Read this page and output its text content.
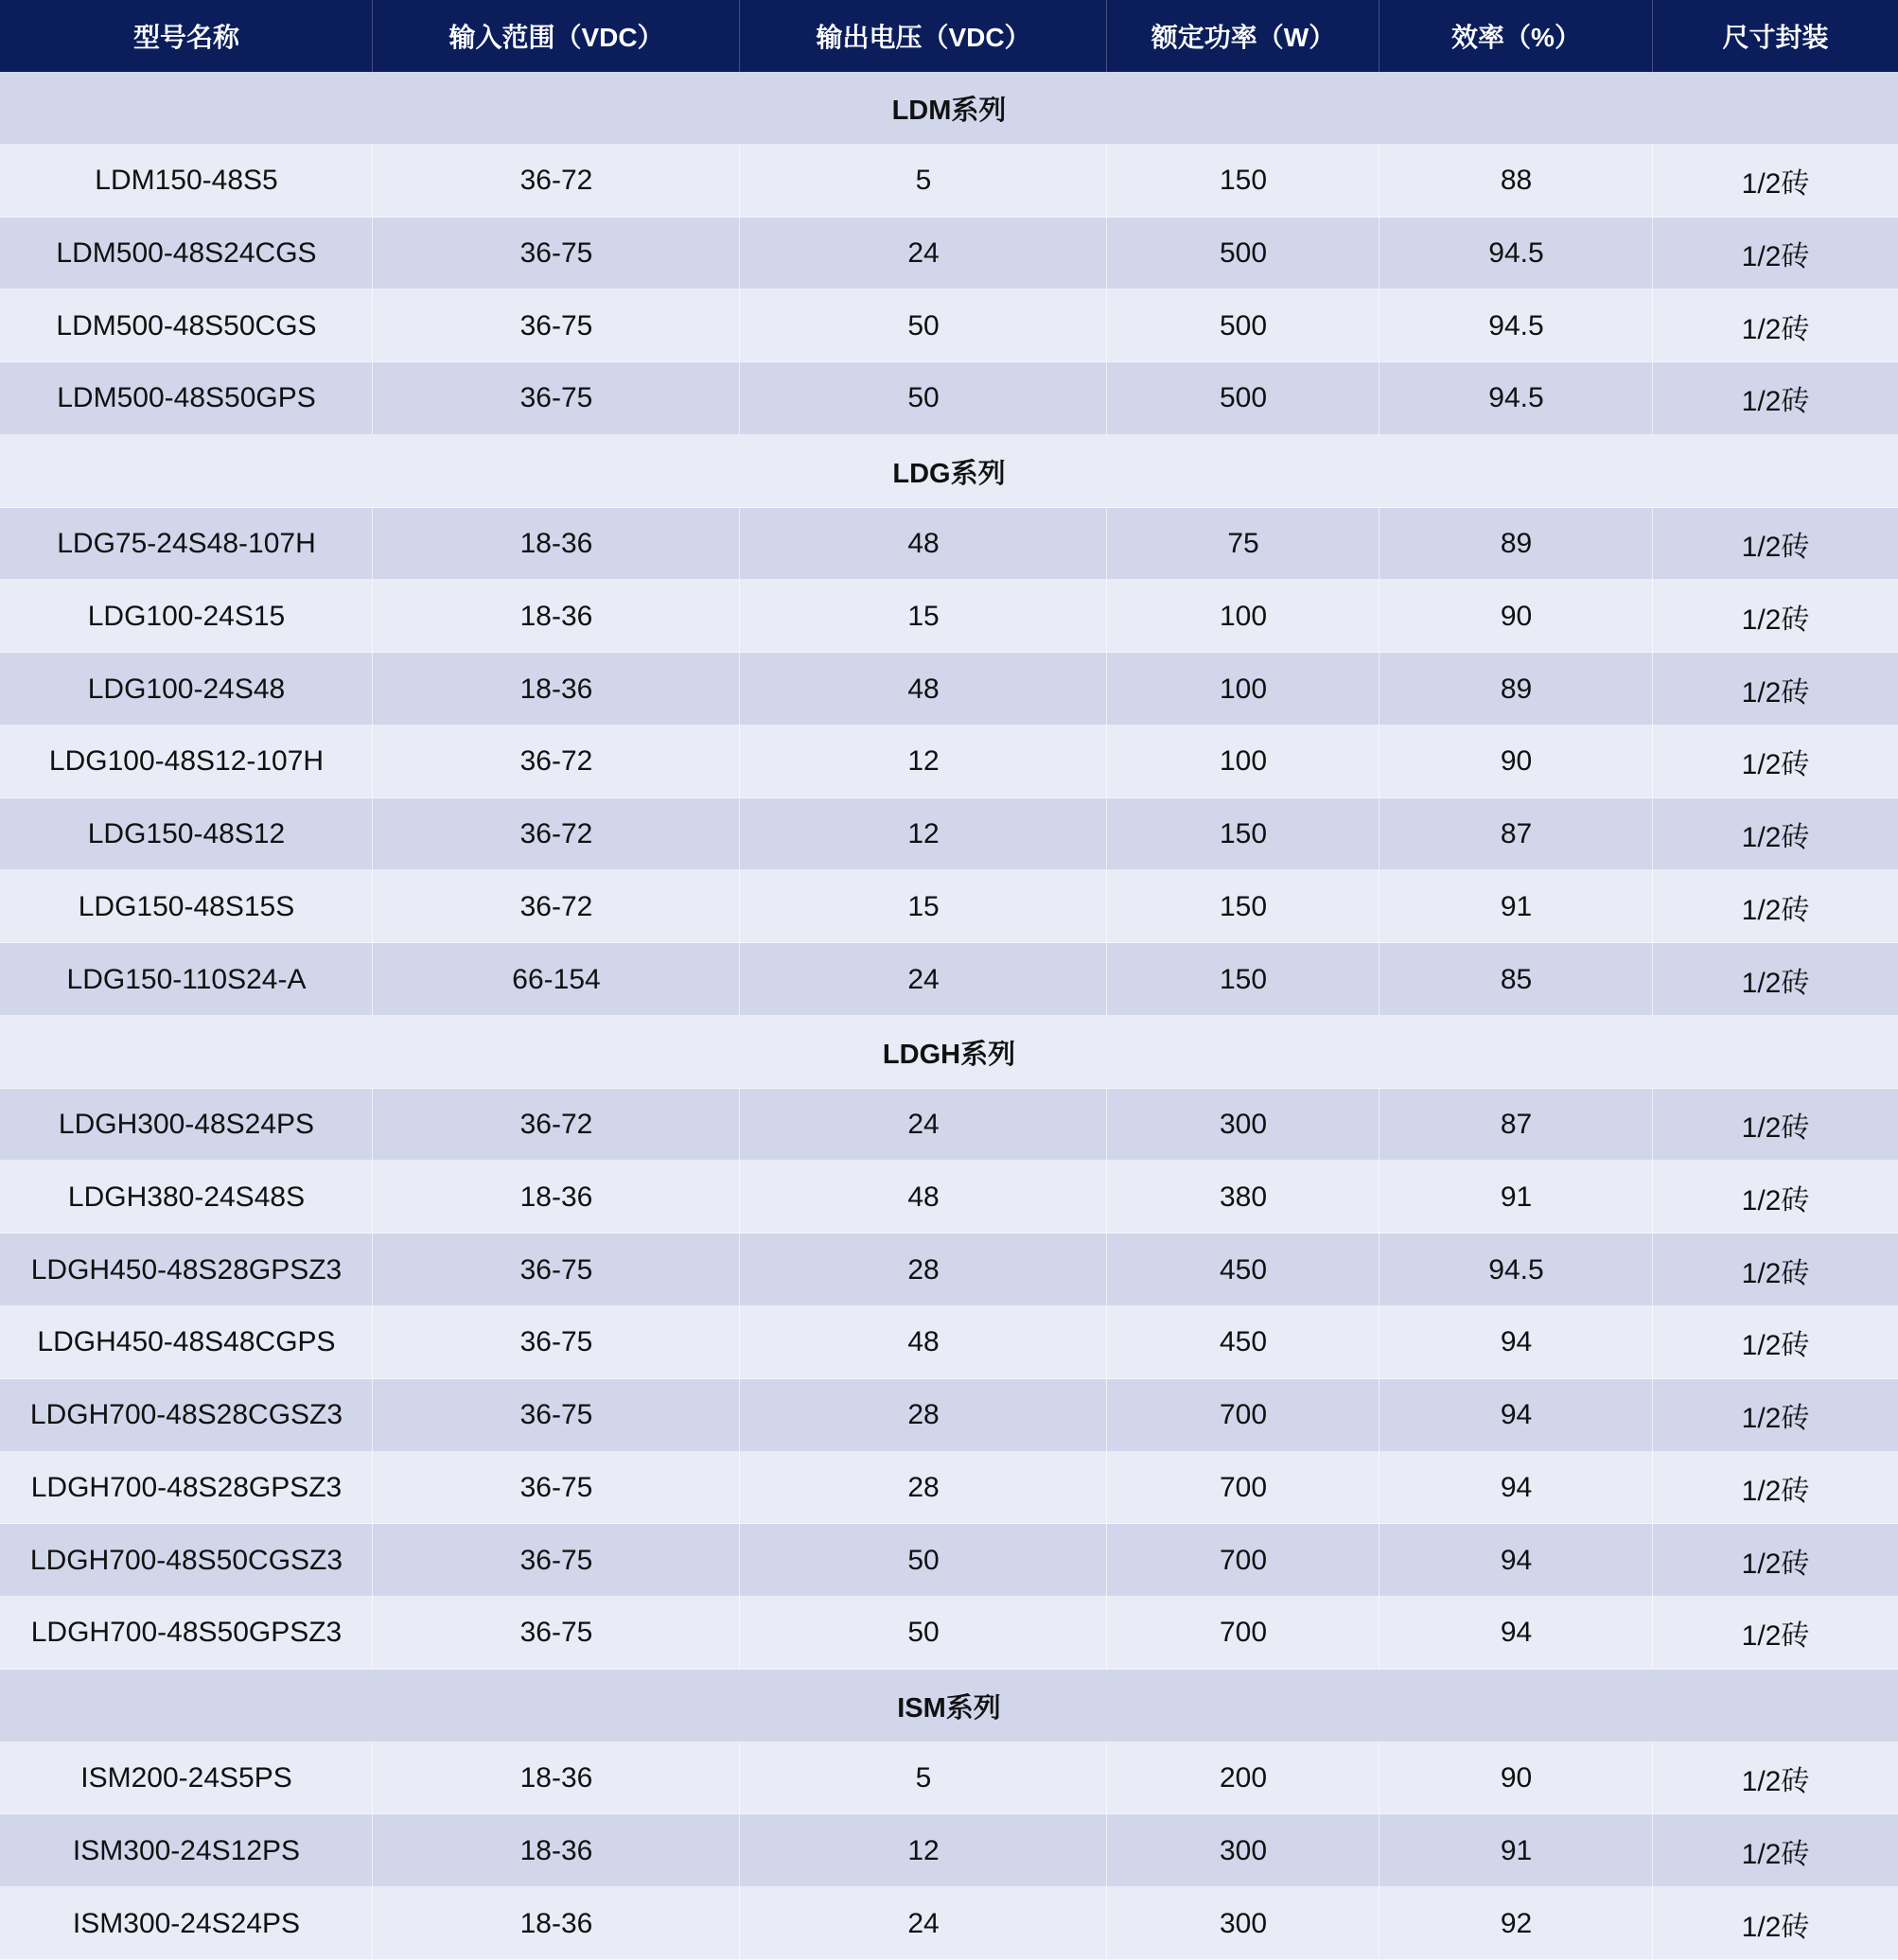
型号名称	输入范围（VDC）	输出电压（VDC）	额定功率（W）	效率（%）	尺寸封装
LDM系列
LDM150-48S5	36-72	5	150	88	1/2砖
LDM500-48S24CGS	36-75	24	500	94.5	1/2砖
LDM500-48S50CGS	36-75	50	500	94.5	1/2砖
LDM500-48S50GPS	36-75	50	500	94.5	1/2砖
LDG系列
LDG75-24S48-107H	18-36	48	75	89	1/2砖
LDG100-24S15	18-36	15	100	90	1/2砖
LDG100-24S48	18-36	48	100	89	1/2砖
LDG100-48S12-107H	36-72	12	100	90	1/2砖
LDG150-48S12	36-72	12	150	87	1/2砖
LDG150-48S15S	36-72	15	150	91	1/2砖
LDG150-110S24-A	66-154	24	150	85	1/2砖
LDGH系列
LDGH300-48S24PS	36-72	24	300	87	1/2砖
LDGH380-24S48S	18-36	48	380	91	1/2砖
LDGH450-48S28GPSZ3	36-75	28	450	94.5	1/2砖
LDGH450-48S48CGPS	36-75	48	450	94	1/2砖
LDGH700-48S28CGSZ3	36-75	28	700	94	1/2砖
LDGH700-48S28GPSZ3	36-75	28	700	94	1/2砖
LDGH700-48S50CGSZ3	36-75	50	700	94	1/2砖
LDGH700-48S50GPSZ3	36-75	50	700	94	1/2砖
ISM系列
ISM200-24S5PS	18-36	5	200	90	1/2砖
ISM300-24S12PS	18-36	12	300	91	1/2砖
ISM300-24S24PS	18-36	24	300	92	1/2砖
